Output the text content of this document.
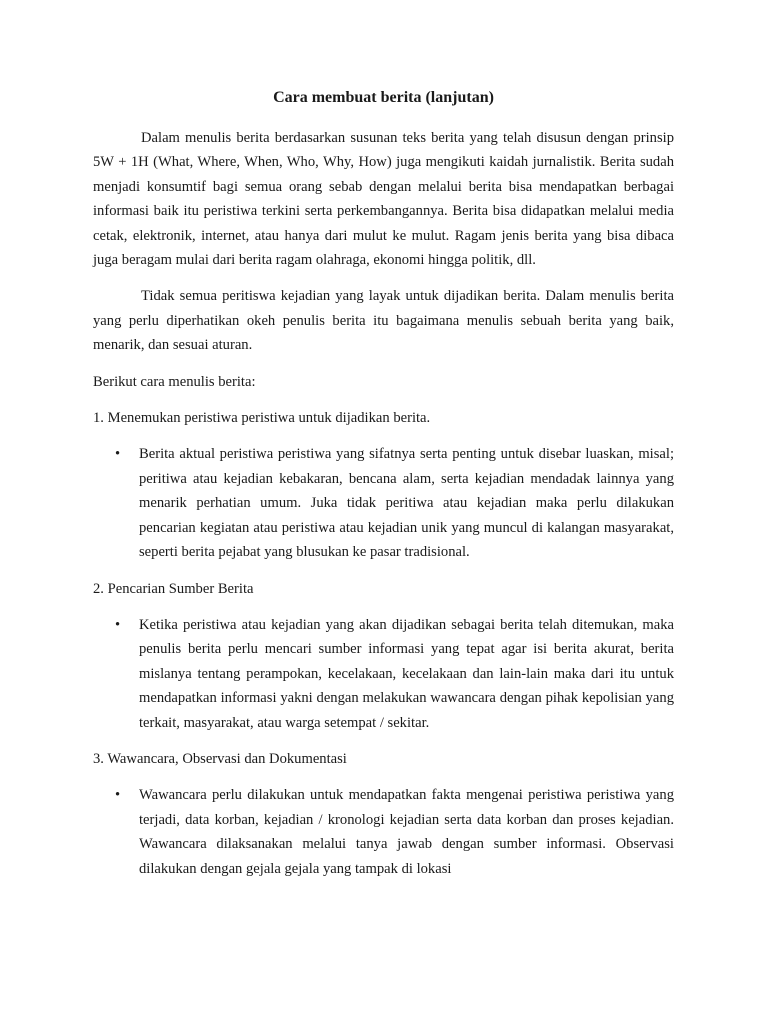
Cara membuat berita (lanjutan)

Dalam menulis berita berdasarkan susunan teks berita yang telah disusun dengan prinsip 5W + 1H (What, Where, When, Who, Why, How) juga mengikuti kaidah jurnalistik. Berita sudah menjadi konsumtif bagi semua orang sebab dengan melalui berita bisa mendapatkan berbagai informasi baik itu peristiwa terkini serta perkembangannya. Berita bisa didapatkan melalui media cetak, elektronik, internet, atau hanya dari mulut ke mulut. Ragam jenis berita yang bisa dibaca juga beragam mulai dari berita ragam olahraga, ekonomi hingga politik, dll.

Tidak semua peritiswa kejadian yang layak untuk dijadikan berita. Dalam menulis berita yang perlu diperhatikan okeh penulis berita itu bagaimana menulis sebuah berita yang baik, menarik, dan sesuai aturan.

Berikut cara menulis berita:

1. Menemukan peristiwa peristiwa untuk dijadikan berita.

• Berita aktual peristiwa peristiwa yang sifatnya serta penting untuk disebar luaskan, misal; peritiwa atau kejadian kebakaran, bencana alam, serta kejadian mendadak lainnya yang menarik perhatian umum. Juka tidak peritiwa atau kejadian maka perlu dilakukan pencarian kegiatan atau peristiwa atau kejadian unik yang muncul di kalangan masyarakat, seperti berita pejabat yang blusukan ke pasar tradisional.

2. Pencarian Sumber Berita

• Ketika peristiwa atau kejadian yang akan dijadikan sebagai berita telah ditemukan, maka penulis berita perlu mencari sumber informasi yang tepat agar isi berita akurat, berita mislanya tentang perampokan, kecelakaan, kecelakaan dan lain-lain maka dari itu untuk mendapatkan informasi yakni dengan melakukan wawancara dengan pihak kepolisian yang terkait, masyarakat, atau warga setempat / sekitar.

3. Wawancara, Observasi dan Dokumentasi

• Wawancara perlu dilakukan untuk mendapatkan fakta mengenai peristiwa peristiwa yang terjadi, data korban, kejadian / kronologi kejadian serta data korban dan proses kejadian. Wawancara dilaksanakan melalui tanya jawab dengan sumber informasi. Observasi dilakukan dengan gejala gejala yang tampak di lokasi
